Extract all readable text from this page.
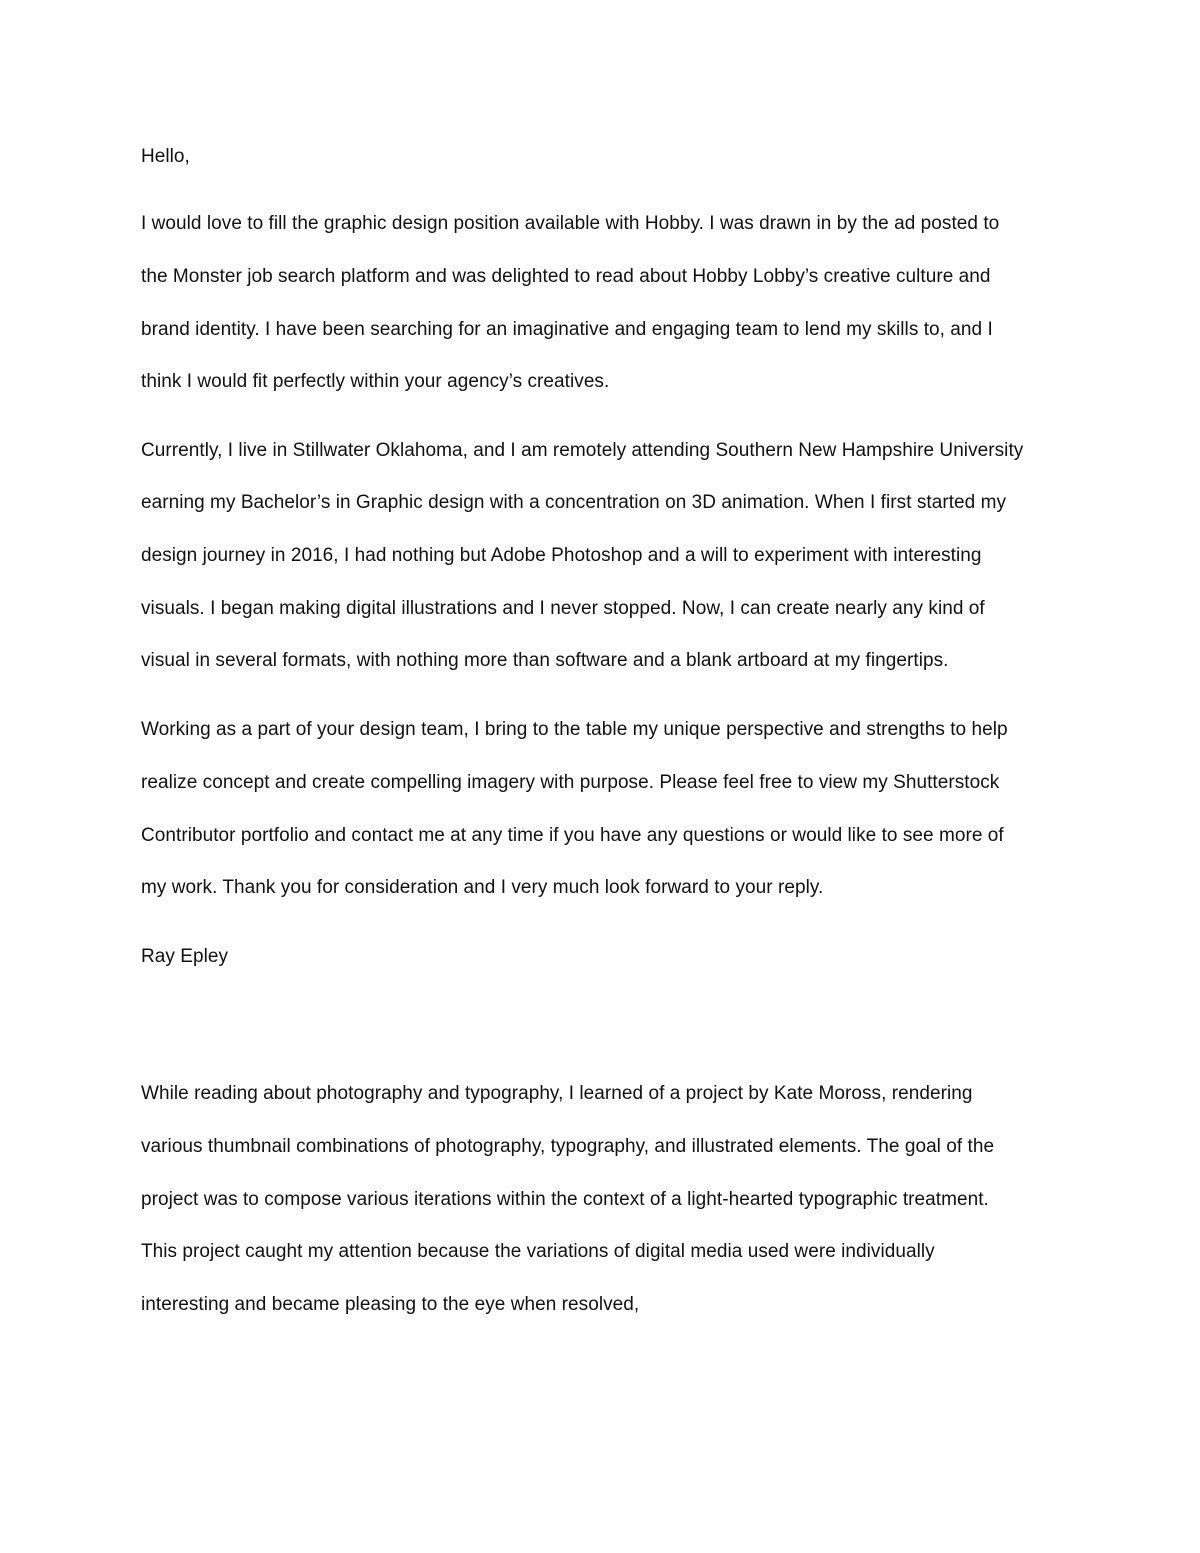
Hello,
I would love to fill the graphic design position available with Hobby. I was drawn in by the ad posted to
the Monster job search platform and was delighted to read about Hobby Lobby’s creative culture and
brand identity. I have been searching for an imaginative and engaging team to lend my skills to, and I
think I would fit perfectly within your agency’s creatives.
Currently, I live in Stillwater Oklahoma, and I am remotely attending Southern New Hampshire University
earning my Bachelor’s in Graphic design with a concentration on 3D animation. When I first started my
design journey in 2016, I had nothing but Adobe Photoshop and a will to experiment with interesting
visuals. I began making digital illustrations and I never stopped. Now, I can create nearly any kind of
visual in several formats, with nothing more than software and a blank artboard at my fingertips.
Working as a part of your design team, I bring to the table my unique perspective and strengths to help
realize concept and create compelling imagery with purpose. Please feel free to view my Shutterstock
Contributor portfolio and contact me at any time if you have any questions or would like to see more of
my work. Thank you for consideration and I very much look forward to your reply.
Ray Epley
While reading about photography and typography, I learned of a project by Kate Moross, rendering
various thumbnail combinations of photography, typography, and illustrated elements. The goal of the
project was to compose various iterations within the context of a light-hearted typographic treatment.
This project caught my attention because the variations of digital media used were individually
interesting and became pleasing to the eye when resolved,
